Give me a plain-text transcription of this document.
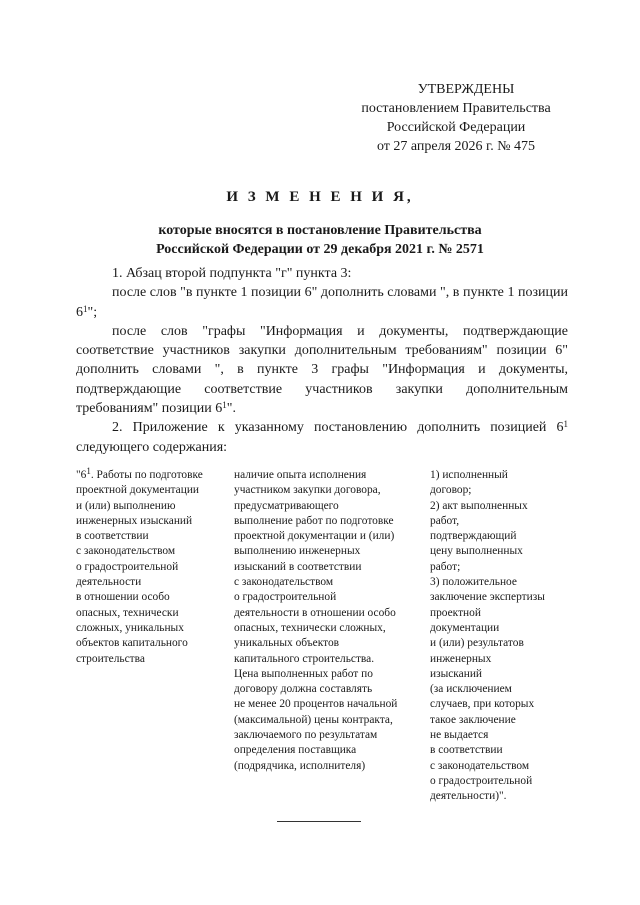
УТВЕРЖДЕНЫ
постановлением Правительства
Российской Федерации
от 27 апреля 2026 г. № 475
И З М Е Н Е Н И Я,
которые вносятся в постановление Правительства
Российской Федерации от 29 декабря 2021 г. № 2571

1. Абзац второй подпункта "г" пункта 3:

после слов "в пункте 1 позиции 6" дополнить словами ", в пункте 1 позиции $6^1$";

после слов "графы "Информация и документы, подтверждающие соответствие участников закупки дополнительным требованиям" позиции 6" дополнить словами ", в пункте 3 графы "Информация и документы, подтверждающие соответствие участников закупки дополнительным требованиям" позиции $6^1$".

2. Приложение к указанному постановлению дополнить позицией $6^1$ следующего содержания:

"$6^1$. Работы по подготовке
проектной документации
и (или) выполнению
инженерных изысканий
в соответствии
с законодательством
о градостроительной
деятельности
в отношении особо
опасных, технически
сложных, уникальных
объектов капитального
строительства
наличие опыта исполнения
участником закупки договора,
предусматривающего
выполнение работ по подготовке
проектной документации и (или)
выполнению инженерных
изысканий в соответствии
с законодательством
о градостроительной
деятельности в отношении особо
опасных, технически сложных,
уникальных объектов
капитального строительства.
Цена выполненных работ по
договору должна составлять
не менее 20 процентов начальной
(максимальной) цены контракта,
заключаемого по результатам
определения поставщика
(подрядчика, исполнителя)
1) исполненный
договор;
2) акт выполненных
работ,
подтверждающий
цену выполненных
работ;
3) положительное
заключение экспертизы
проектной
документации
и (или) результатов
инженерных
изысканий
(за исключением
случаев, при которых
такое заключение
не выдается
в соответствии
с законодательством
о градостроительной
деятельности)".
